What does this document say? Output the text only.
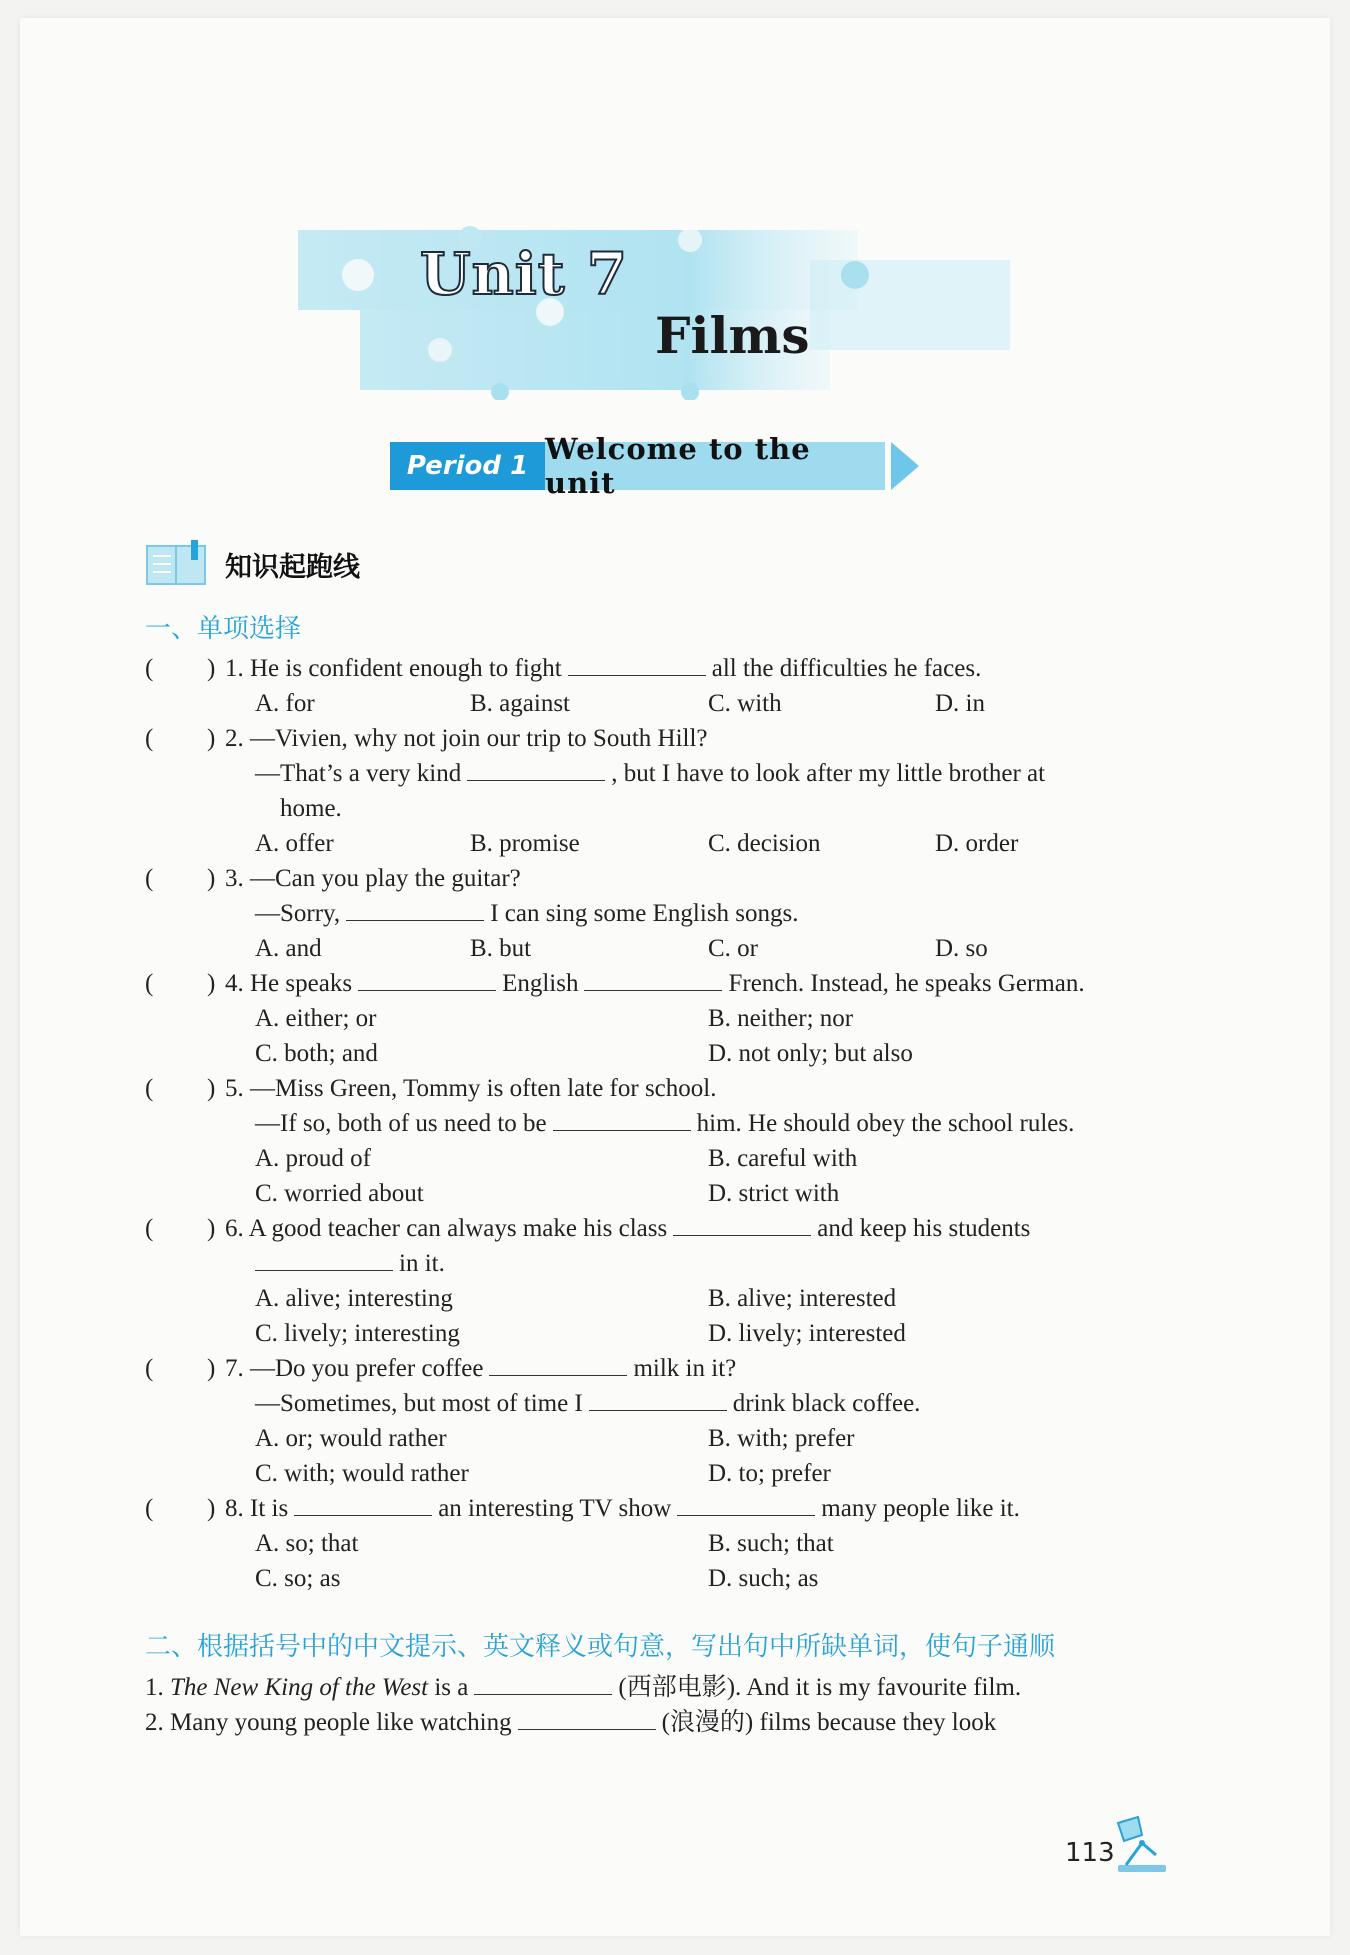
Unit 7
Films
Period 1 Welcome to the unit
知识起跑线
一、单项选择
( ) 1. He is confident enough to fight	all the difficulties he faces.
A. for	B. against	C. with	D. in
( ) 2. —Vivien, why not join our trip to South Hill?
—That’s a very kind	, but I have to look after my little brother at
home.
A. offer	B. promise	C. decision	D. order
( ) 3. —Can you play the guitar?
—Sorry,	I can sing some English songs.
A. and	B. but	C. or	D. so
( ) 4. He speaks	English	French. Instead, he speaks German.
A. either; or	B. neither; nor
C. both; and	D. not only; but also
( ) 5. —Miss Green, Tommy is often late for school.
—If so, both of us need to be	him. He should obey the school rules.
A. proud of	B. careful with
C. worried about	D. strict with
( ) 6. A good teacher can always make his class	and keep his students
in it.
A. alive; interesting	B. alive; interested
C. lively; interesting	D. lively; interested
( ) 7. —Do you prefer coffee	milk in it?
—Sometimes, but most of time I	drink black coffee.
A. or; would rather	B. with; prefer
C. with; would rather	D. to; prefer
( ) 8. It is	an interesting TV show	many people like it.
A. so; that	B. such; that
C. so; as	D. such; as
二、根据括号中的中文提示、英文释义或句意，写出句中所缺单词，使句子通顺
1. The New King of the West is a	(西部电影). And it is my favourite film.
2. Many young people like watching	(浪漫的) films because they look
113
